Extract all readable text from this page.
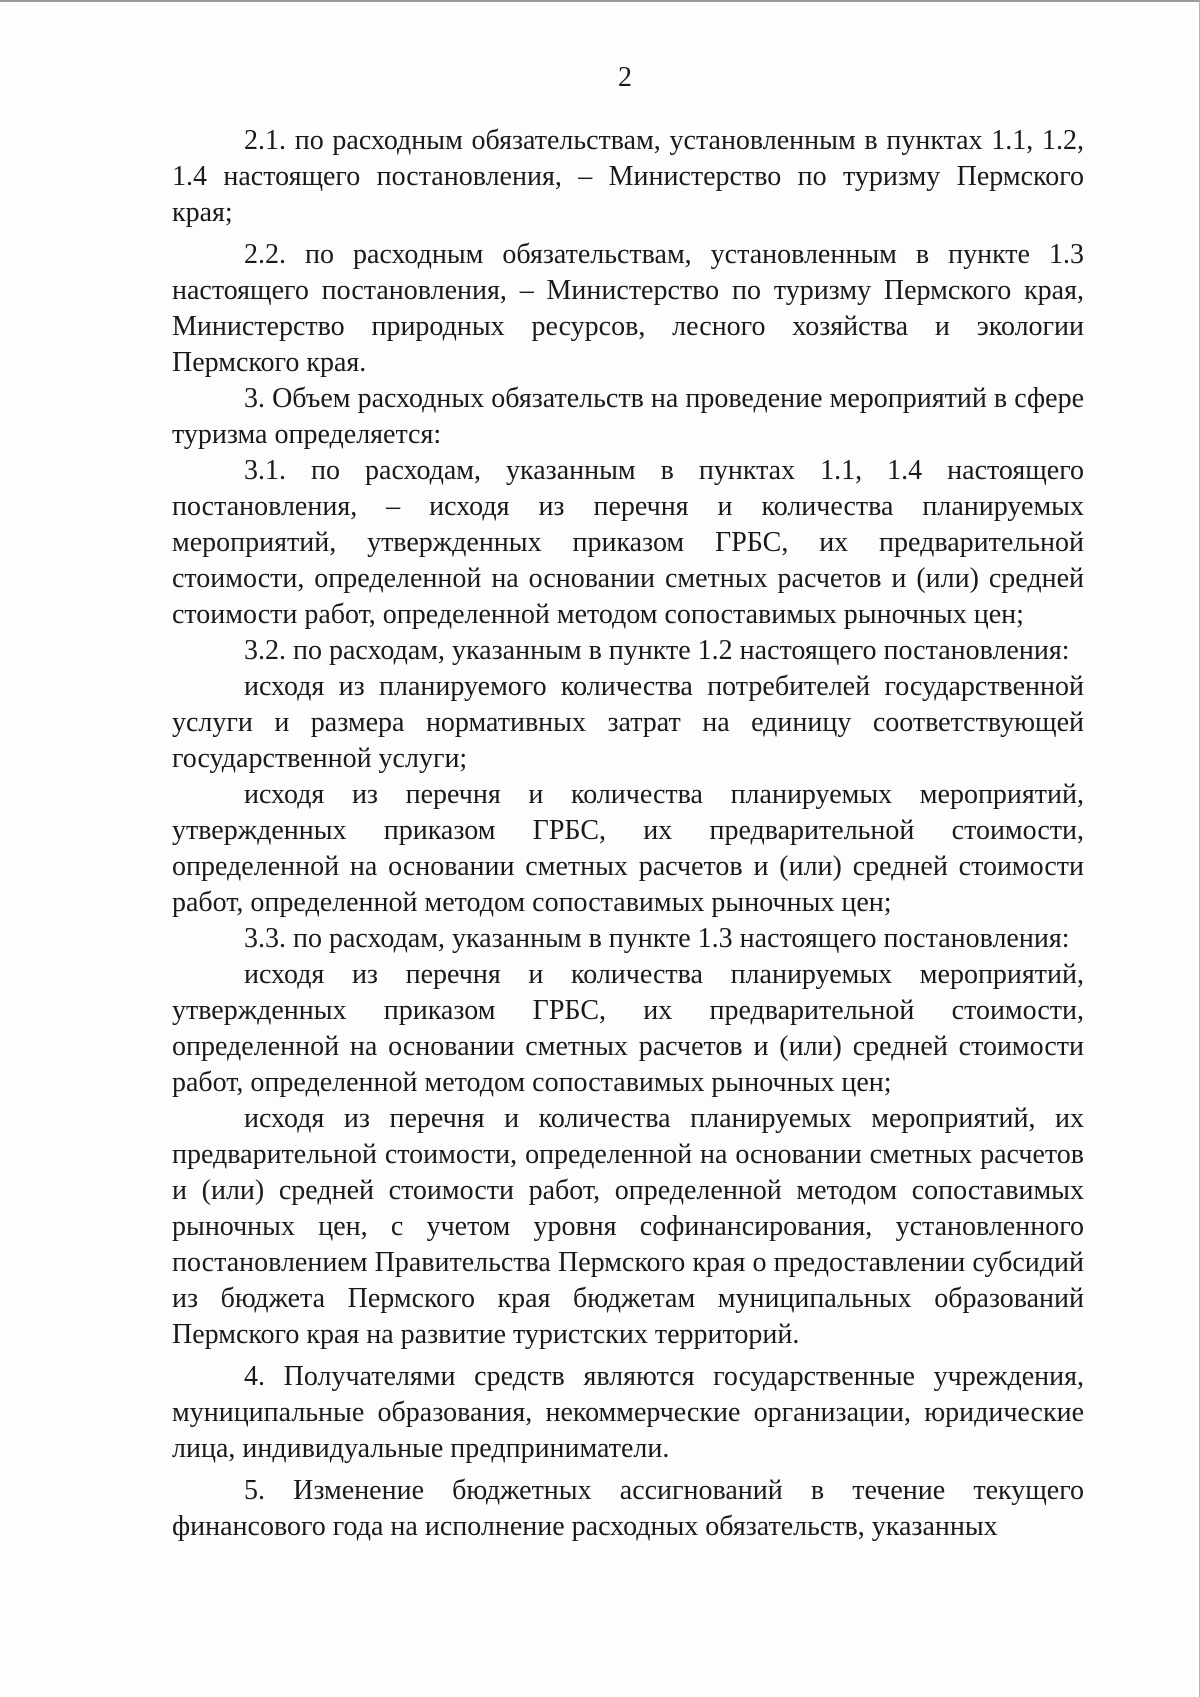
2

2.1. по расходным обязательствам, установленным в пунктах 1.1, 1.2, 1.4 настоящего постановления, – Министерство по туризму Пермского края;

2.2. по расходным обязательствам, установленным в пункте 1.3 настоящего постановления, – Министерство по туризму Пермского края, Министерство природных ресурсов, лесного хозяйства и экологии Пермского края.

3. Объем расходных обязательств на проведение мероприятий в сфере туризма определяется:

3.1. по расходам, указанным в пунктах 1.1, 1.4 настоящего постановления, – исходя из перечня и количества планируемых мероприятий, утвержденных приказом ГРБС, их предварительной стоимости, определенной на основании сметных расчетов и (или) средней стоимости работ, определенной методом сопоставимых рыночных цен;

3.2. по расходам, указанным в пункте 1.2 настоящего постановления:

исходя из планируемого количества потребителей государственной услуги и размера нормативных затрат на единицу соответствующей государственной услуги;

исходя из перечня и количества планируемых мероприятий, утвержденных приказом ГРБС, их предварительной стоимости, определенной на основании сметных расчетов и (или) средней стоимости работ, определенной методом сопоставимых рыночных цен;

3.3. по расходам, указанным в пункте 1.3 настоящего постановления:

исходя из перечня и количества планируемых мероприятий, утвержденных приказом ГРБС, их предварительной стоимости, определенной на основании сметных расчетов и (или) средней стоимости работ, определенной методом сопоставимых рыночных цен;

исходя из перечня и количества планируемых мероприятий, их предварительной стоимости, определенной на основании сметных расчетов и (или) средней стоимости работ, определенной методом сопоставимых рыночных цен, с учетом уровня софинансирования, установленного постановлением Правительства Пермского края о предоставлении субсидий из бюджета Пермского края бюджетам муниципальных образований Пермского края на развитие туристских территорий.

4. Получателями средств являются государственные учреждения, муниципальные образования, некоммерческие организации, юридические лица, индивидуальные предприниматели.

5. Изменение бюджетных ассигнований в течение текущего финансового года на исполнение расходных обязательств, указанных
